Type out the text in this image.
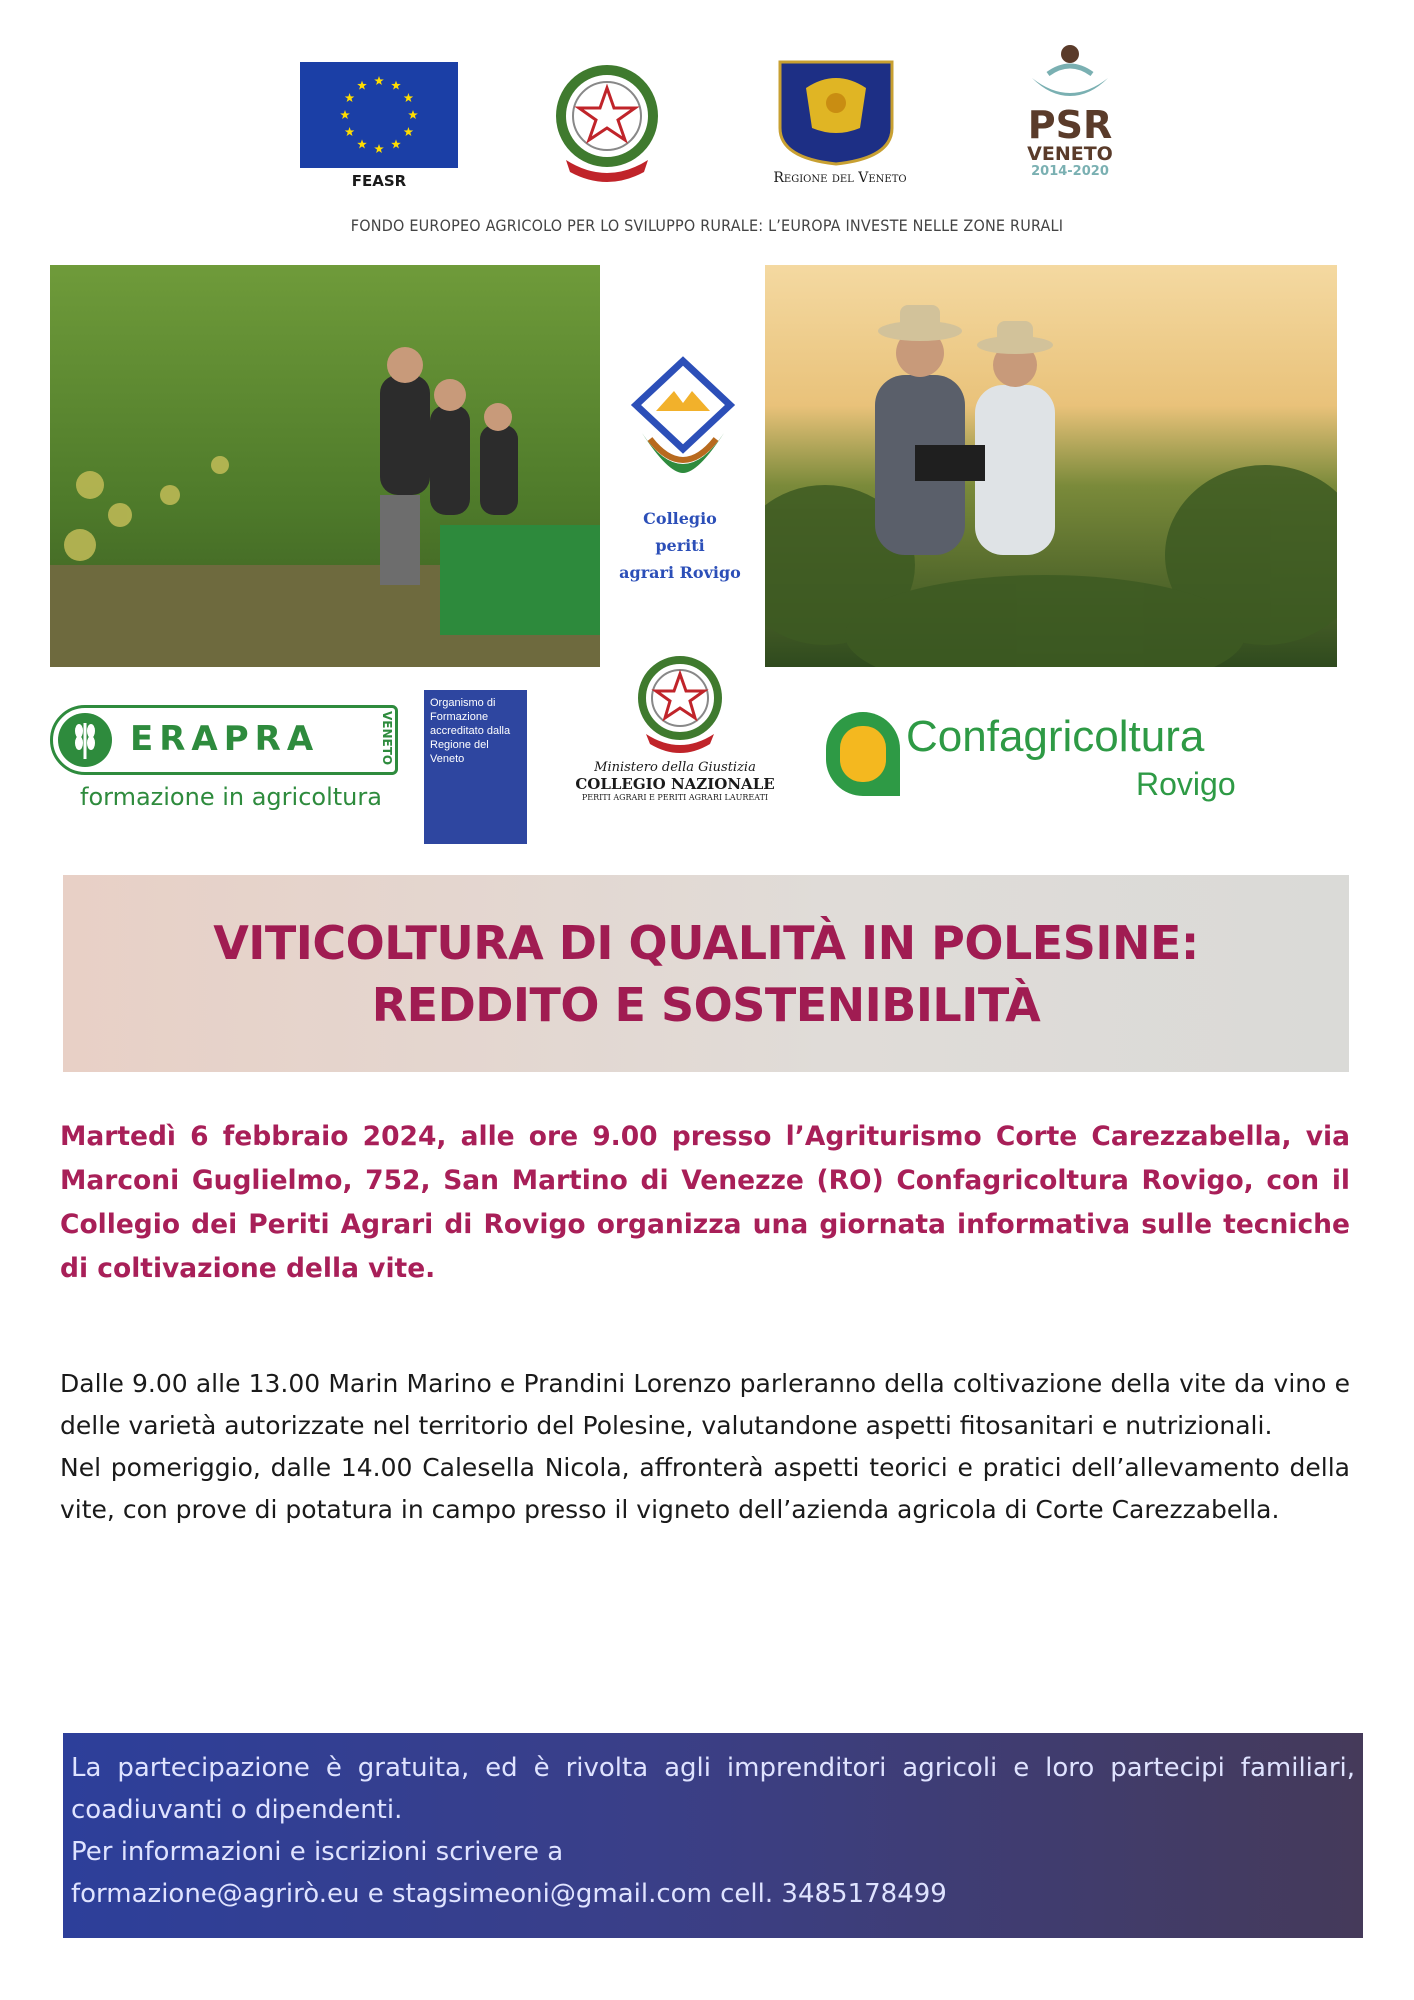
FEASR	Regione del Veneto
PSR
VENETO
2014-2020
FONDO EUROPEO AGRICOLO PER LO SVILUPPO RURALE: L’EUROPA INVESTE NELLE ZONE RURALI
Collegio
periti
agrari Rovigo
ERAPRA	VENETO
formazione in agricoltura
Organismo di Formazione accreditato dalla Regione del Veneto
Ministero della Giustizia
COLLEGIO NAZIONALE
PERITI AGRARI E PERITI AGRARI LAUREATI
Confagricoltura
Rovigo
VITICOLTURA DI QUALITÀ IN POLESINE:
REDDITO E SOSTENIBILITÀ
Martedì 6 febbraio 2024, alle ore 9.00 presso l’Agriturismo Corte Carezzabella, via Marconi Guglielmo, 752, San Martino di Venezze (RO) Confagricoltura Rovigo, con il Collegio dei Periti Agrari di Rovigo organizza una giornata informativa sulle tecniche di coltivazione della vite.

Dalle 9.00 alle 13.00 Marin Marino e Prandini Lorenzo parleranno della coltivazione della vite da vino e delle varietà autorizzate nel territorio del Polesine, valutandone aspetti fitosanitari e nutrizionali.

Nel pomeriggio, dalle 14.00 Calesella Nicola, affronterà aspetti teorici e pratici dell’allevamento della vite, con prove di potatura in campo presso il vigneto dell’azienda agricola di Corte Carezzabella.

La partecipazione è gratuita, ed è rivolta agli imprenditori agricoli e loro partecipi familiari, coadiuvanti o dipendenti.

Per informazioni e iscrizioni scrivere a

formazione@agrirò.eu e stagsimeoni@gmail.com cell. 3485178499
